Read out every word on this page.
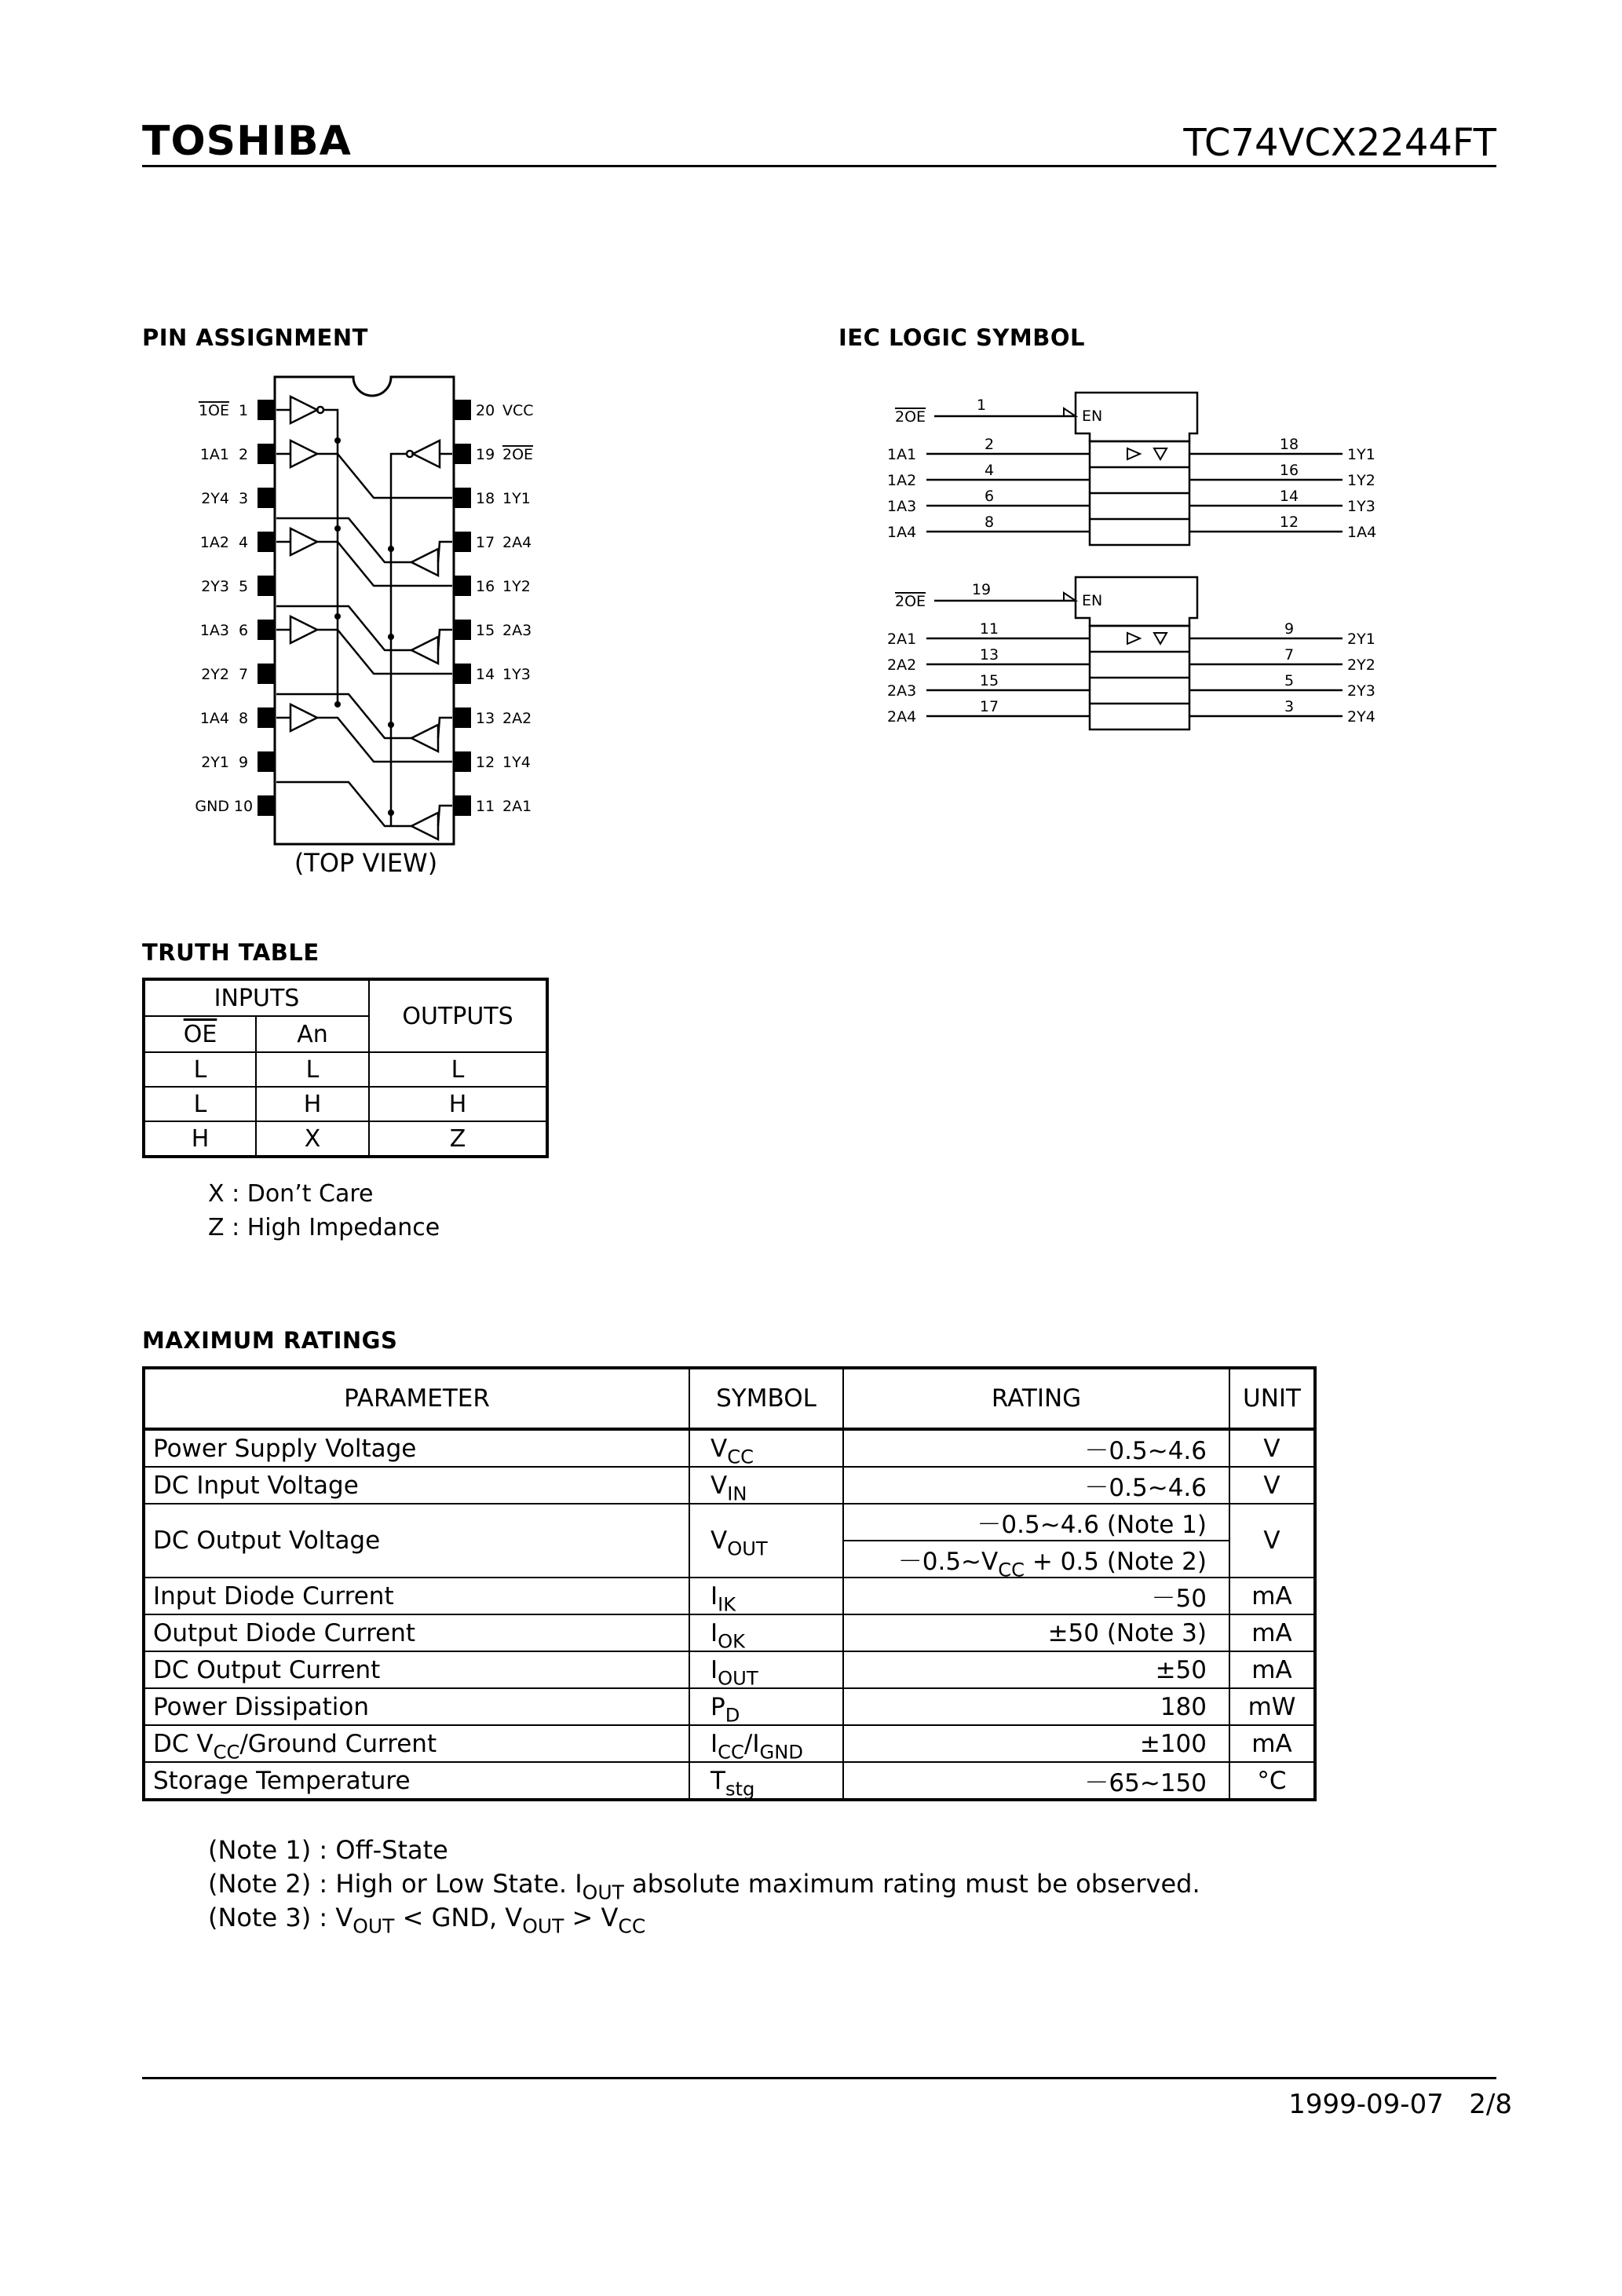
TOSHIBA	TC74VCX2244FT
PIN ASSIGNMENT	IEC LOGIC SYMBOL
1OE 1
1A1 2
2Y4 3
1A2 4
2Y3 5
1A3 6
2Y2 7
1A4 8
2Y1 9
GND 10
20 VCC
19 2OE
18 1Y1
17 2A4
16 1Y2
15 2A3
14 1Y3
13 2A2
12 1Y4
11 2A1
(TOP VIEW)
EN
2OE
1
1A1
2
1A2
4
1A3
6
1A4
8
1Y1
18
1Y2
16
1Y3
14
1A4
12
EN
2OE
19
2A1
11
2A2
13
2A3
15
2A4
17
2Y1
9
2Y2
7
2Y3
5
2Y4
3
TRUTH TABLE
INPUTS		OUTPUTS
$\overline{OE}$	An	
L	L	L
L	H	H
H	X	Z
X : Don’t Care
Z : High Impedance
MAXIMUM RATINGS
PARAMETER	SYMBOL	RATING	UNIT
Power Supply Voltage	$V_{CC}$	－0.5~4.6	V
DC Input Voltage	$V_{IN}$	－0.5~4.6	V
DC Output Voltage	$V_{OUT}$	－0.5~4.6 (Note 1)	V
		$-0.5\sim V_{CC} + 0.5$ (Note 2)	
Input Diode Current	$I_{IK}$	－50	mA
Output Diode Current	$I_{OK}$	±50 (Note 3)	mA
DC Output Current	$I_{OUT}$	±50	mA
Power Dissipation	$P_D$	180	mW
DC $V_{CC}$/Ground Current	$I_{CC}/I_{GND}$	±100	mA
Storage Temperature	$T_{stg}$	－65~150	°C
(Note 1) : Off-State
(Note 2) : High or Low State. $I_{OUT}$ absolute maximum rating must be observed.
(Note 3) : $V_{OUT}$ < GND, $V_{OUT} > V_{CC}$
1999-09-07 2/8
